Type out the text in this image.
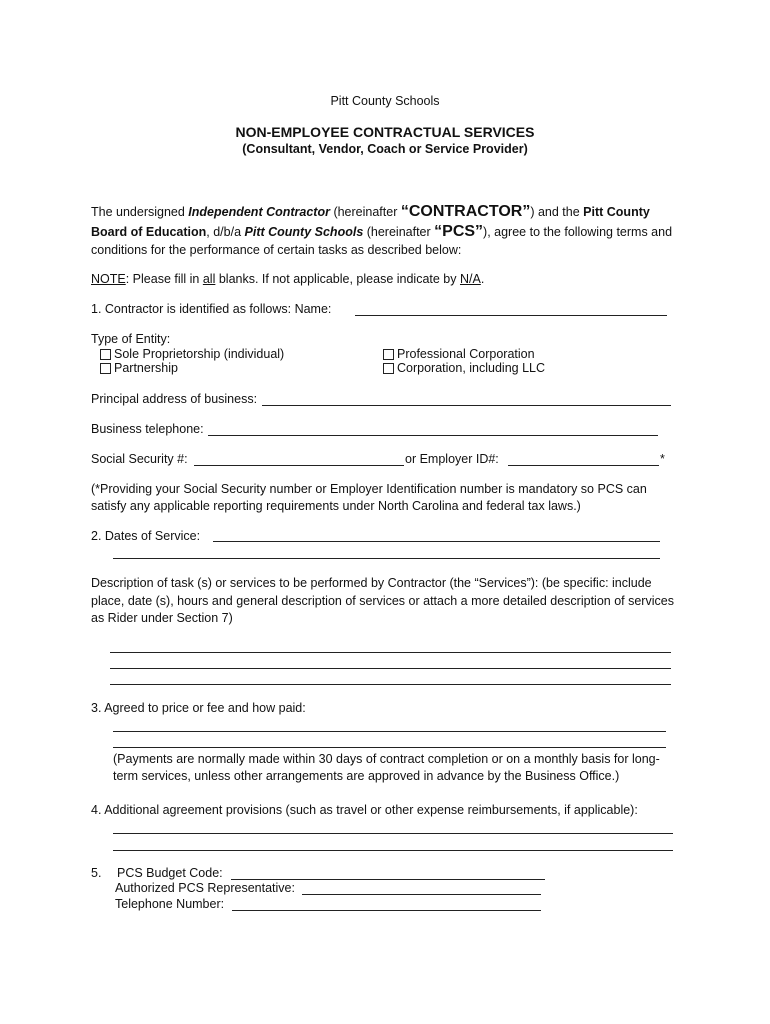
Pitt County Schools
NON-EMPLOYEE CONTRACTUAL SERVICES
(Consultant, Vendor, Coach or Service Provider)
The undersigned Independent Contractor (hereinafter “CONTRACTOR”) and the Pitt County
Board of Education, d/b/a Pitt County Schools (hereinafter “PCS”), agree to the following terms and
conditions for the performance of certain tasks as described below:
NOTE: Please fill in all blanks. If not applicable, please indicate by N/A.
1. Contractor is identified as follows: Name:
Type of Entity:
Sole Proprietorship (individual)
Partnership
Professional Corporation
Corporation, including LLC
Principal address of business:
Business telephone:
Social Security #:	or Employer ID#:	*
(*Providing your Social Security number or Employer Identification number is mandatory so PCS can
satisfy any applicable reporting requirements under North Carolina and federal tax laws.)
2. Dates of Service:
Description of task (s) or services to be performed by Contractor (the “Services”): (be specific: include
place, date (s), hours and general description of services or attach a more detailed description of services
as Rider under Section 7)
3. Agreed to price or fee and how paid:
(Payments are normally made within 30 days of contract completion or on a monthly basis for long-
term services, unless other arrangements are approved in advance by the Business Office.)
4. Additional agreement provisions (such as travel or other expense reimbursements, if applicable):
5. PCS Budget Code:
Authorized PCS Representative:
Telephone Number:
